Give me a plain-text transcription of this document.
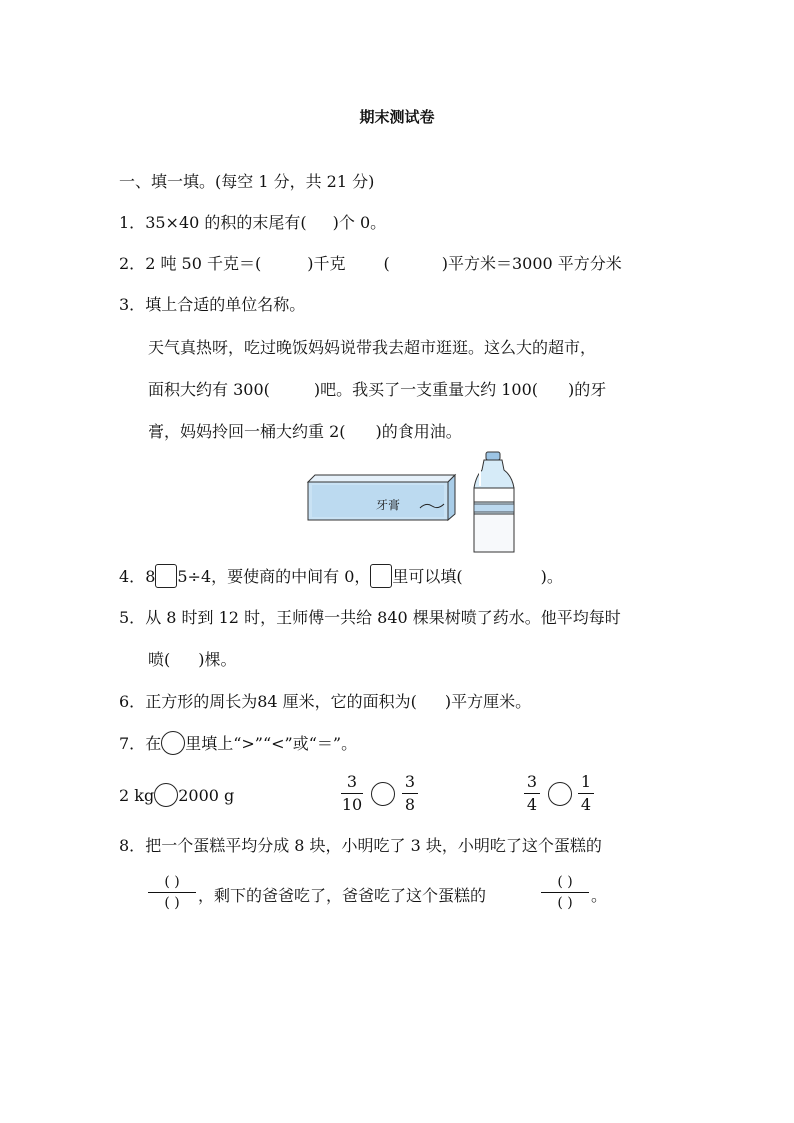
期末测试卷
一、填一填。(每空 1 分，共 21 分)
1．35×40 的积的末尾有( )个 0。
2．2 吨 50 千克＝(	)千克 (	)平方米＝3000 平方分米
3．填上合适的单位名称。
天气真热呀，吃过晚饭妈妈说带我去超市逛逛。这么大的超市，
面积大约有 300(	)吧。我买了一支重量大约 100( )的牙
膏，妈妈拎回一桶大约重 2( )的食用油。
牙膏
4．8 5÷4，要使商的中间有 0， 里可以填(	)。
5．从 8 时到 12 时，王师傅一共给 840 棵果树喷了药水。他平均每时
喷( )棵。
6．正方形的周长为84 厘米，它的面积为( )平方厘米。
7．在 里填上“>”“<”或“＝”。
2 kg 2000 g
3
10
3
8
3
4
1
4
8．把一个蛋糕平均分成 8 块，小明吃了 3 块，小明吃了这个蛋糕的
( )
( )	，剩下的爸爸吃了，爸爸吃了这个蛋糕的
( )
( )	。
